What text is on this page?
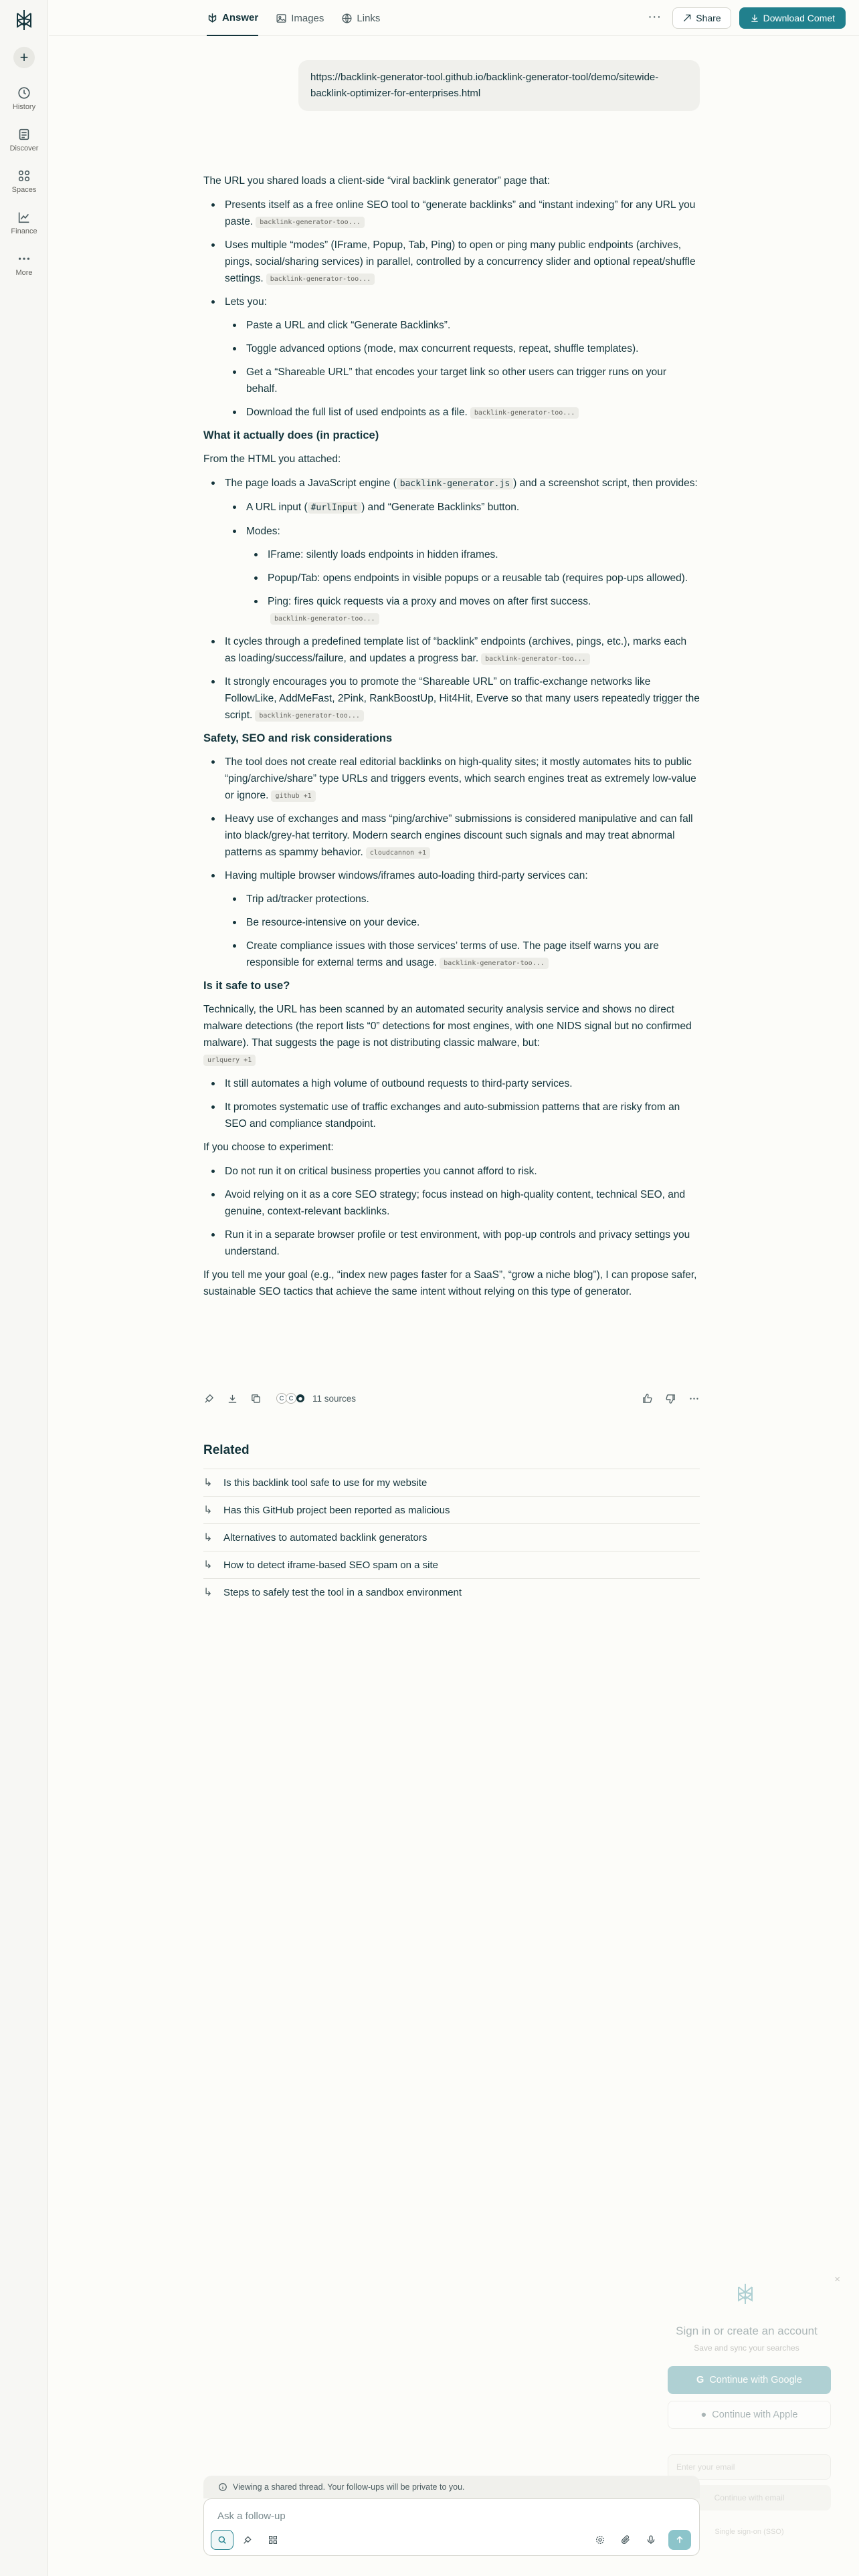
+
History
Discover
Spaces
Finance
More
Answer	Images	Links	···	Share	Download Comet
https://backlink-generator-tool.github.io/backlink-generator-tool/demo/sitewide-backlink-optimizer-for-enterprises.html

The URL you shared loads a client-side “viral backlink generator” page that:

Presents itself as a free online SEO tool to “generate backlinks” and “instant indexing” for any URL you paste. backlink-generator-too...
Uses multiple “modes” (IFrame, Popup, Tab, Ping) to open or ping many public endpoints (archives, pings, social/sharing services) in parallel, controlled by a concurrency slider and optional repeat/shuffle settings. backlink-generator-too...
Lets you:
Paste a URL and click “Generate Backlinks”.
Toggle advanced options (mode, max concurrent requests, repeat, shuffle templates).
Get a “Shareable URL” that encodes your target link so other users can trigger runs on your behalf.
Download the full list of used endpoints as a file. backlink-generator-too...
What it actually does (in practice)

From the HTML you attached:

The page loads a JavaScript engine ( backlink-generator.js ) and a screenshot script, then provides:
A URL input ( #urlInput ) and “Generate Backlinks” button.
Modes:
IFrame: silently loads endpoints in hidden iframes.
Popup/Tab: opens endpoints in visible popups or a reusable tab (requires pop-ups allowed).
Ping: fires quick requests via a proxy and moves on after first success. backlink-generator-too...
It cycles through a predefined template list of “backlink” endpoints (archives, pings, etc.), marks each as loading/success/failure, and updates a progress bar. backlink-generator-too...
It strongly encourages you to promote the “Shareable URL” on traffic-exchange networks like FollowLike, AddMeFast, 2Pink, RankBoostUp, Hit4Hit, Everve so that many users repeatedly trigger the script. backlink-generator-too...
Safety, SEO and risk considerations
The tool does not create real editorial backlinks on high-quality sites; it mostly automates hits to public “ping/archive/share” type URLs and triggers events, which search engines treat as extremely low-value or ignore. github +1
Heavy use of exchanges and mass “ping/archive” submissions is considered manipulative and can fall into black/grey-hat territory. Modern search engines discount such signals and may treat abnormal patterns as spammy behavior. cloudcannon +1
Having multiple browser windows/iframes auto-loading third-party services can:
Trip ad/tracker protections.
Be resource-intensive on your device.
Create compliance issues with those services’ terms of use. The page itself warns you are responsible for external terms and usage. backlink-generator-too...
Is it safe to use?

Technically, the URL has been scanned by an automated security analysis service and shows no direct malware detections (the report lists “0” detections for most engines, with one NIDS signal but no confirmed malware). That suggests the page is not distributing classic malware, but:
urlquery +1

It still automates a high volume of outbound requests to third-party services.
It promotes systematic use of traffic exchanges and auto-submission patterns that are risky from an SEO and compliance standpoint.

If you choose to experiment:

Do not run it on critical business properties you cannot afford to risk.
Avoid relying on it as a core SEO strategy; focus instead on high-quality content, technical SEO, and genuine, context-relevant backlinks.
Run it in a separate browser profile or test environment, with pop-up controls and privacy settings you understand.

If you tell me your goal (e.g., “index new pages faster for a SaaS”, “grow a niche blog”), I can propose safer, sustainable SEO tactics that achieve the same intent without relying on this type of generator.

C C	11 sources
Related
↳ Is this backlink tool safe to use for my website
↳ Has this GitHub project been reported as malicious
↳ Alternatives to automated backlink generators
↳ How to detect iframe-based SEO spam on a site
↳ Steps to safely test the tool in a sandbox environment
×
Sign in or create an account
Save and sync your searches
G Continue with Google
● Continue with Apple
Enter your email
Continue with email
Single sign-on (SSO)
Viewing a shared thread. Your follow-ups will be private to you.
Ask a follow-up
